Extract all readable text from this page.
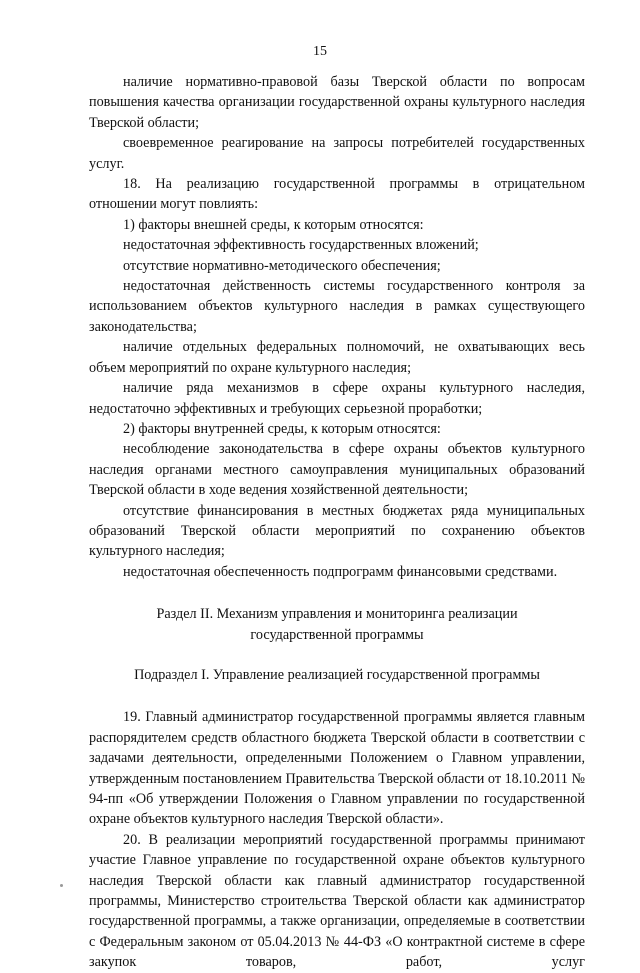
15

наличие нормативно-правовой базы Тверской области по вопросам повышения качества организации государственной охраны культурного наследия Тверской области;

своевременное реагирование на запросы потребителей государственных услуг.

18. На реализацию государственной программы в отрицательном отношении могут повлиять:

1) факторы внешней среды, к которым относятся:

недостаточная эффективность государственных вложений;

отсутствие нормативно-методического обеспечения;

недостаточная действенность системы государственного контроля за использованием объектов культурного наследия в рамках существующего законодательства;

наличие отдельных федеральных полномочий, не охватывающих весь объем мероприятий по охране культурного наследия;

наличие ряда механизмов в сфере охраны культурного наследия, недостаточно эффективных и требующих серьезной проработки;

2) факторы внутренней среды, к которым относятся:

несоблюдение законодательства в сфере охраны объектов культурного наследия органами местного самоуправления муниципальных образований Тверской области в ходе ведения хозяйственной деятельности;

отсутствие финансирования в местных бюджетах ряда муниципальных образований Тверской области мероприятий по сохранению объектов культурного наследия;

недостаточная обеспеченность подпрограмм финансовыми средствами.

Раздел II. Механизм управления и мониторинга реализации
государственной программы
Подраздел I. Управление реализацией государственной программы

19. Главный администратор государственной программы является главным распорядителем средств областного бюджета Тверской области в соответствии с задачами деятельности, определенными Положением о Главном управлении, утвержденным постановлением Правительства Тверской области от 18.10.2011 № 94-пп «Об утверждении Положения о Главном управлении по государственной охране объектов культурного наследия Тверской области».

20. В реализации мероприятий государственной программы принимают участие Главное управление по государственной охране объектов культурного наследия Тверской области как главный администратор государственной программы, Министерство строительства Тверской области как администратор государственной программы, а также организации, определяемые в соответствии с Федеральным законом от 05.04.2013 № 44-ФЗ «О контрактной системе в сфере закупок товаров, работ, услуг
